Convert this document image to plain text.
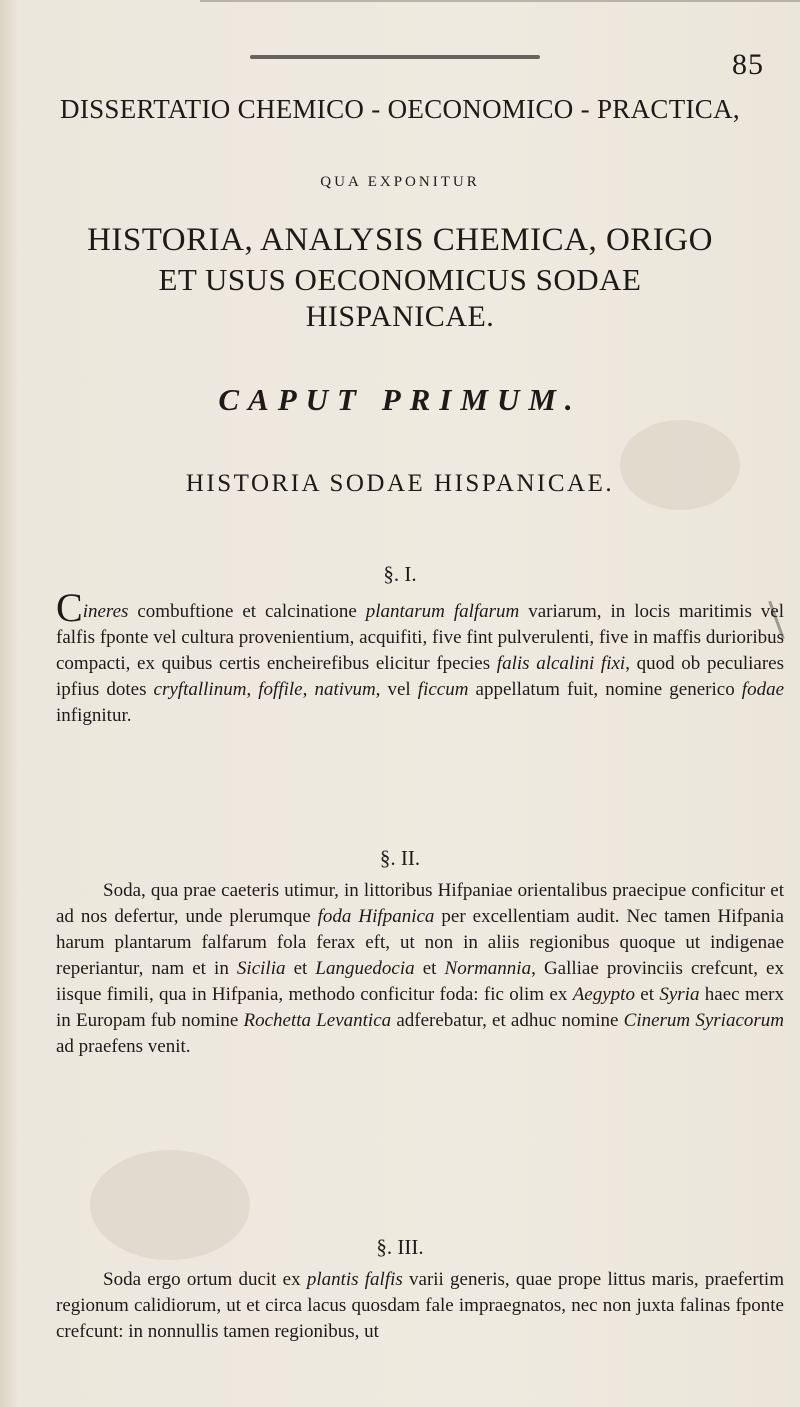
85
DISSERTATIO CHEMICO - OECONOMICO - PRACTICA,
QUA EXPONITUR
HISTORIA, ANALYSIS CHEMICA, ORIGO
ET USUS OECONOMICUS SODAE
HISPANICAE.
CAPUT PRIMUM.
HISTORIA SODAE HISPANICAE.
§. I.

Cineres combuftione et calcinatione plantarum falfarum variarum, in locis maritimis vel falfis fponte vel cultura provenientium, acquifiti, five fint pulverulenti, five in maffis durioribus compacti, ex quibus certis encheirefibus elicitur fpecies falis alcalini fixi, quod ob peculiares ipfius dotes cryftallinum, foffile, nativum, vel ficcum appellatum fuit, nomine generico fodae infignitur.

§. II.

Soda, qua prae caeteris utimur, in littoribus Hifpaniae orientalibus praecipue conficitur et ad nos defertur, unde plerumque foda Hifpanica per excellentiam audit. Nec tamen Hifpania harum plantarum falfarum fola ferax eft, ut non in aliis regionibus quoque ut indigenae reperiantur, nam et in Sicilia et Languedocia et Normannia, Galliae provinciis crefcunt, ex iisque fimili, qua in Hifpania, methodo conficitur foda: fic olim ex Aegypto et Syria haec merx in Europam fub nomine Rochetta Levantica adferebatur, et adhuc nomine Cinerum Syriacorum ad praefens venit.

§. III.

Soda ergo ortum ducit ex plantis falfis varii generis, quae prope littus maris, praefertim regionum calidiorum, ut et circa lacus quosdam fale impraegnatos, nec non juxta falinas fponte crefcunt: in nonnullis tamen regionibus, ut
